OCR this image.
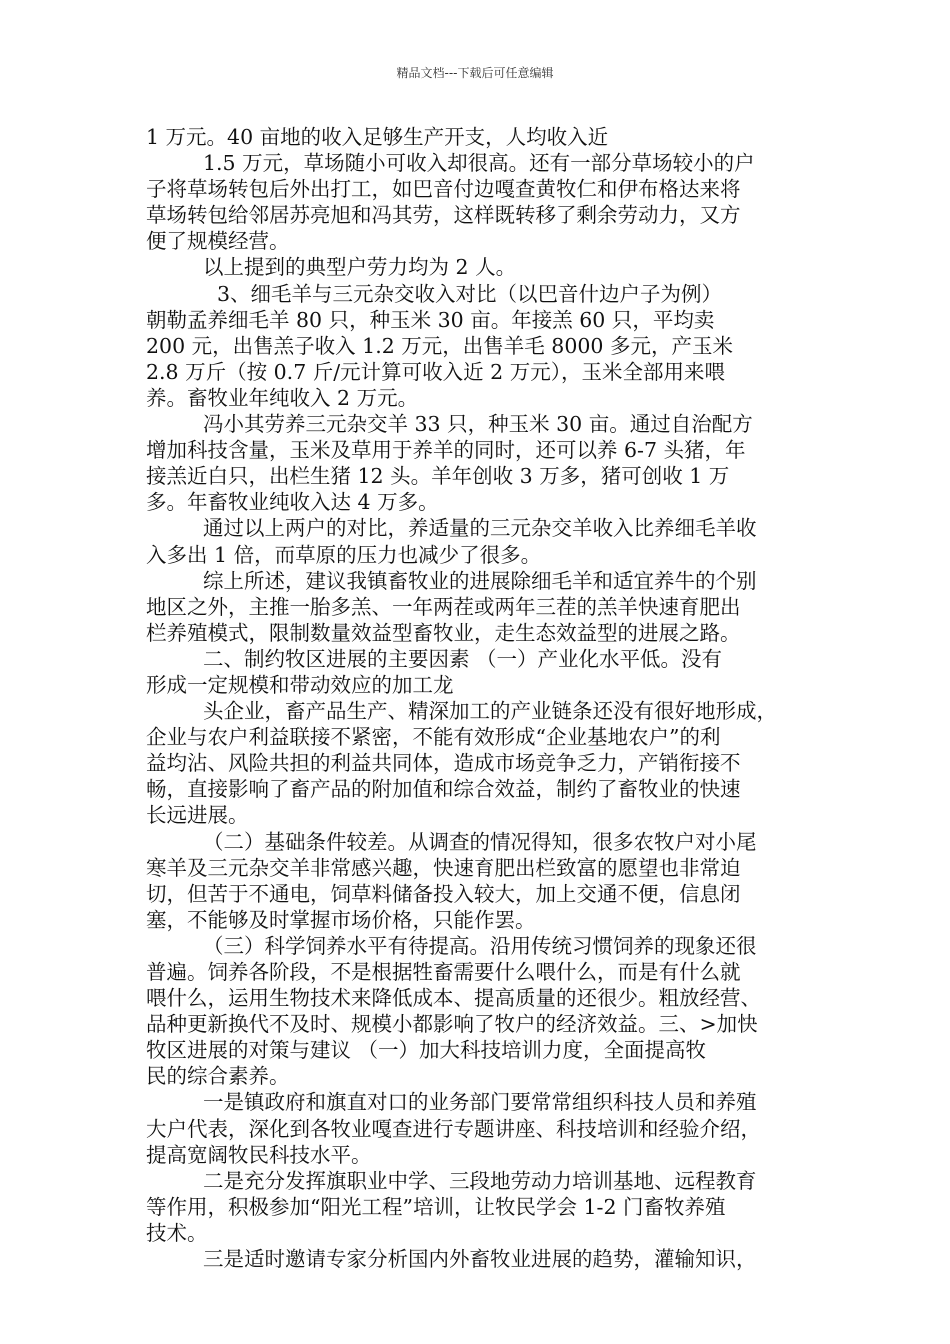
精品文档---下载后可任意编辑
1 万元。40 亩地的收入足够生产开支，人均收入近
1.5 万元，草场随小可收入却很高。还有一部分草场较小的户
子将草场转包后外出打工，如巴音付边嘎查黄牧仁和伊布格达来将
草场转包给邻居苏亮旭和冯其劳，这样既转移了剩余劳动力，又方
便了规模经营。
以上提到的典型户劳力均为 2 人。
3、细毛羊与三元杂交收入对比（以巴音什边户子为例）
朝勒孟养细毛羊 80 只，种玉米 30 亩。年接羔 60 只，平均卖
200 元，出售羔子收入 1.2 万元，出售羊毛 8000 多元，产玉米
2.8 万斤（按 0.7 斤/元计算可收入近 2 万元），玉米全部用来喂
养。畜牧业年纯收入 2 万元。
冯小其劳养三元杂交羊 33 只，种玉米 30 亩。通过自治配方
增加科技含量，玉米及草用于养羊的同时，还可以养 6-7 头猪，年
接羔近白只，出栏生猪 12 头。羊年创收 3 万多，猪可创收 1 万
多。年畜牧业纯收入达 4 万多。
通过以上两户的对比，养适量的三元杂交羊收入比养细毛羊收
入多出 1 倍，而草原的压力也减少了很多。
综上所述，建议我镇畜牧业的进展除细毛羊和适宜养牛的个别
地区之外，主推一胎多羔、一年两茬或两年三茬的羔羊快速育肥出
栏养殖模式，限制数量效益型畜牧业，走生态效益型的进展之路。
二、制约牧区进展的主要因素 （一）产业化水平低。没有
形成一定规模和带动效应的加工龙
头企业，畜产品生产、精深加工的产业链条还没有很好地形成，
企业与农户利益联接不紧密，不能有效形成“企业基地农户”的利
益均沾、风险共担的利益共同体，造成市场竞争乏力，产销衔接不
畅，直接影响了畜产品的附加值和综合效益，制约了畜牧业的快速
长远进展。
（二）基础条件较差。从调查的情况得知，很多农牧户对小尾
寒羊及三元杂交羊非常感兴趣，快速育肥出栏致富的愿望也非常迫
切，但苦于不通电，饲草料储备投入较大，加上交通不便，信息闭
塞，不能够及时掌握市场价格，只能作罢。
（三）科学饲养水平有待提高。沿用传统习惯饲养的现象还很
普遍。饲养各阶段，不是根据牲畜需要什么喂什么，而是有什么就
喂什么，运用生物技术来降低成本、提高质量的还很少。粗放经营、
品种更新换代不及时、规模小都影响了牧户的经济效益。三、>加快
牧区进展的对策与建议 （一）加大科技培训力度，全面提高牧
民的综合素养。
一是镇政府和旗直对口的业务部门要常常组织科技人员和养殖
大户代表，深化到各牧业嘎查进行专题讲座、科技培训和经验介绍，
提高宽阔牧民科技水平。
二是充分发挥旗职业中学、三段地劳动力培训基地、远程教育
等作用，积极参加“阳光工程”培训，让牧民学会 1-2 门畜牧养殖
技术。
三是适时邀请专家分析国内外畜牧业进展的趋势，灌输知识，
